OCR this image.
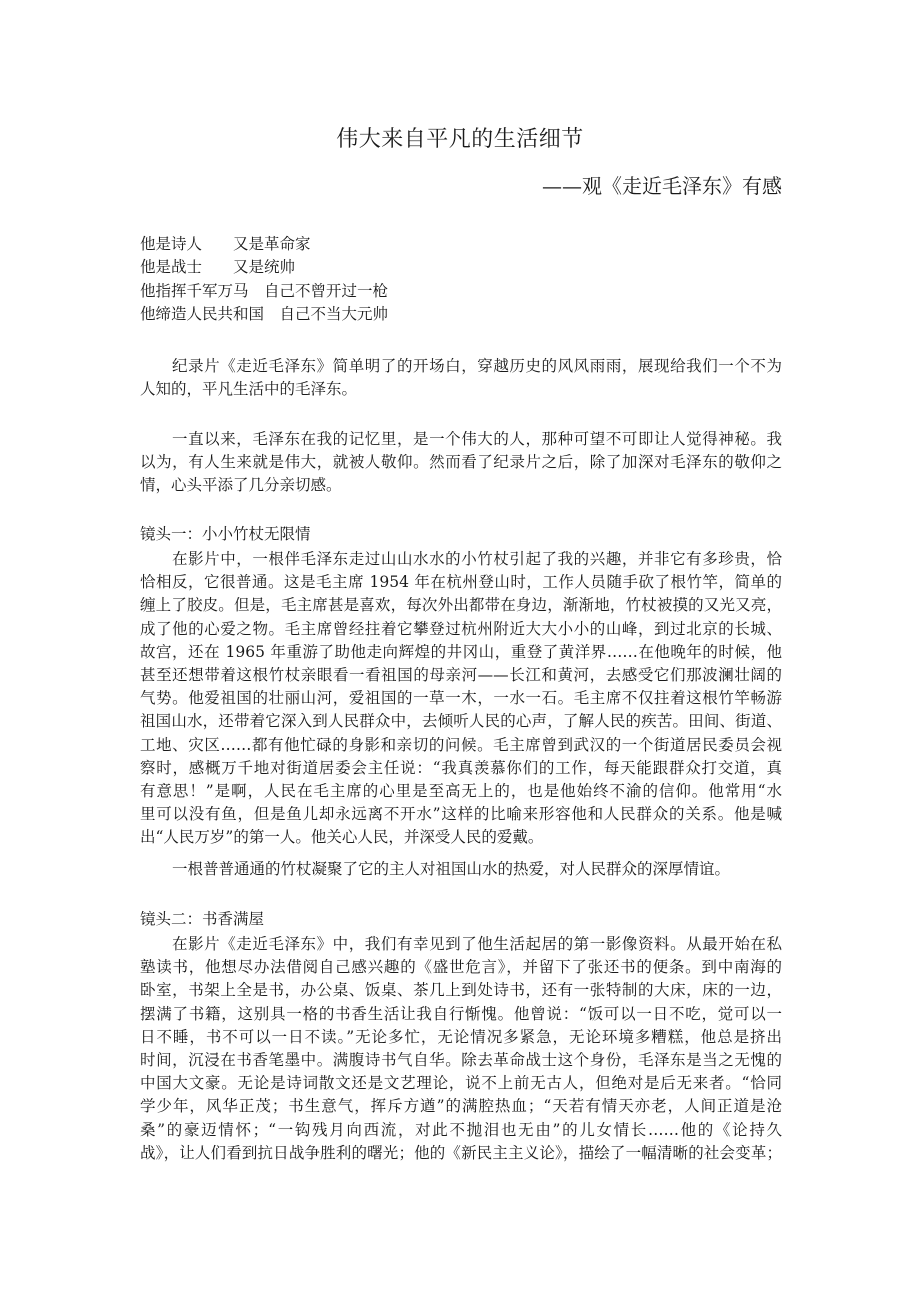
伟大来自平凡的生活细节
——观《走近毛泽东》有感
他是诗人　　又是革命家
他是战士　　又是统帅
他指挥千军万马　自己不曾开过一枪
他缔造人民共和国　自己不当大元帅
纪录片《走近毛泽东》简单明了的开场白，穿越历史的风风雨雨，展现给我们一个不为
人知的，平凡生活中的毛泽东。
一直以来，毛泽东在我的记忆里，是一个伟大的人，那种可望不可即让人觉得神秘。我
以为，有人生来就是伟大，就被人敬仰。然而看了纪录片之后，除了加深对毛泽东的敬仰之
情，心头平添了几分亲切感。
镜头一：小小竹杖无限情
在影片中，一根伴毛泽东走过山山水水的小竹杖引起了我的兴趣，并非它有多珍贵，恰
恰相反，它很普通。这是毛主席 1954 年在杭州登山时，工作人员随手砍了根竹竿，简单的
缠上了胶皮。但是，毛主席甚是喜欢，每次外出都带在身边，渐渐地，竹杖被摸的又光又亮，
成了他的心爱之物。毛主席曾经拄着它攀登过杭州附近大大小小的山峰，到过北京的长城、
故宫，还在 1965 年重游了助他走向辉煌的井冈山，重登了黄洋界……在他晚年的时候，他
甚至还想带着这根竹杖亲眼看一看祖国的母亲河——长江和黄河，去感受它们那波澜壮阔的
气势。他爱祖国的壮丽山河，爱祖国的一草一木，一水一石。毛主席不仅拄着这根竹竿畅游
祖国山水，还带着它深入到人民群众中，去倾听人民的心声，了解人民的疾苦。田间、街道、
工地、灾区……都有他忙碌的身影和亲切的问候。毛主席曾到武汉的一个街道居民委员会视
察时，感概万千地对街道居委会主任说：“我真羡慕你们的工作，每天能跟群众打交道，真
有意思！”是啊，人民在毛主席的心里是至高无上的，也是他始终不渝的信仰。他常用“水
里可以没有鱼，但是鱼儿却永远离不开水”这样的比喻来形容他和人民群众的关系。他是喊
出“人民万岁”的第一人。他关心人民，并深受人民的爱戴。
一根普普通通的竹杖凝聚了它的主人对祖国山水的热爱，对人民群众的深厚情谊。
镜头二：书香满屋
在影片《走近毛泽东》中，我们有幸见到了他生活起居的第一影像资料。从最开始在私
塾读书，他想尽办法借阅自己感兴趣的《盛世危言》，并留下了张还书的便条。到中南海的
卧室，书架上全是书，办公桌、饭桌、茶几上到处诗书，还有一张特制的大床，床的一边，
摆满了书籍，这别具一格的书香生活让我自行惭愧。他曾说：“饭可以一日不吃，觉可以一
日不睡，书不可以一日不读。”无论多忙，无论情况多紧急，无论环境多糟糕，他总是挤出
时间，沉浸在书香笔墨中。满腹诗书气自华。除去革命战士这个身份，毛泽东是当之无愧的
中国大文豪。无论是诗词散文还是文艺理论，说不上前无古人，但绝对是后无来者。“恰同
学少年，风华正茂；书生意气，挥斥方遒”的满腔热血；“天若有情天亦老，人间正道是沧
桑”的豪迈情怀；“一钩残月向西流，对此不抛泪也无由”的儿女情长……他的《论持久
战》，让人们看到抗日战争胜利的曙光；他的《新民主主义论》，描绘了一幅清晰的社会变革；
